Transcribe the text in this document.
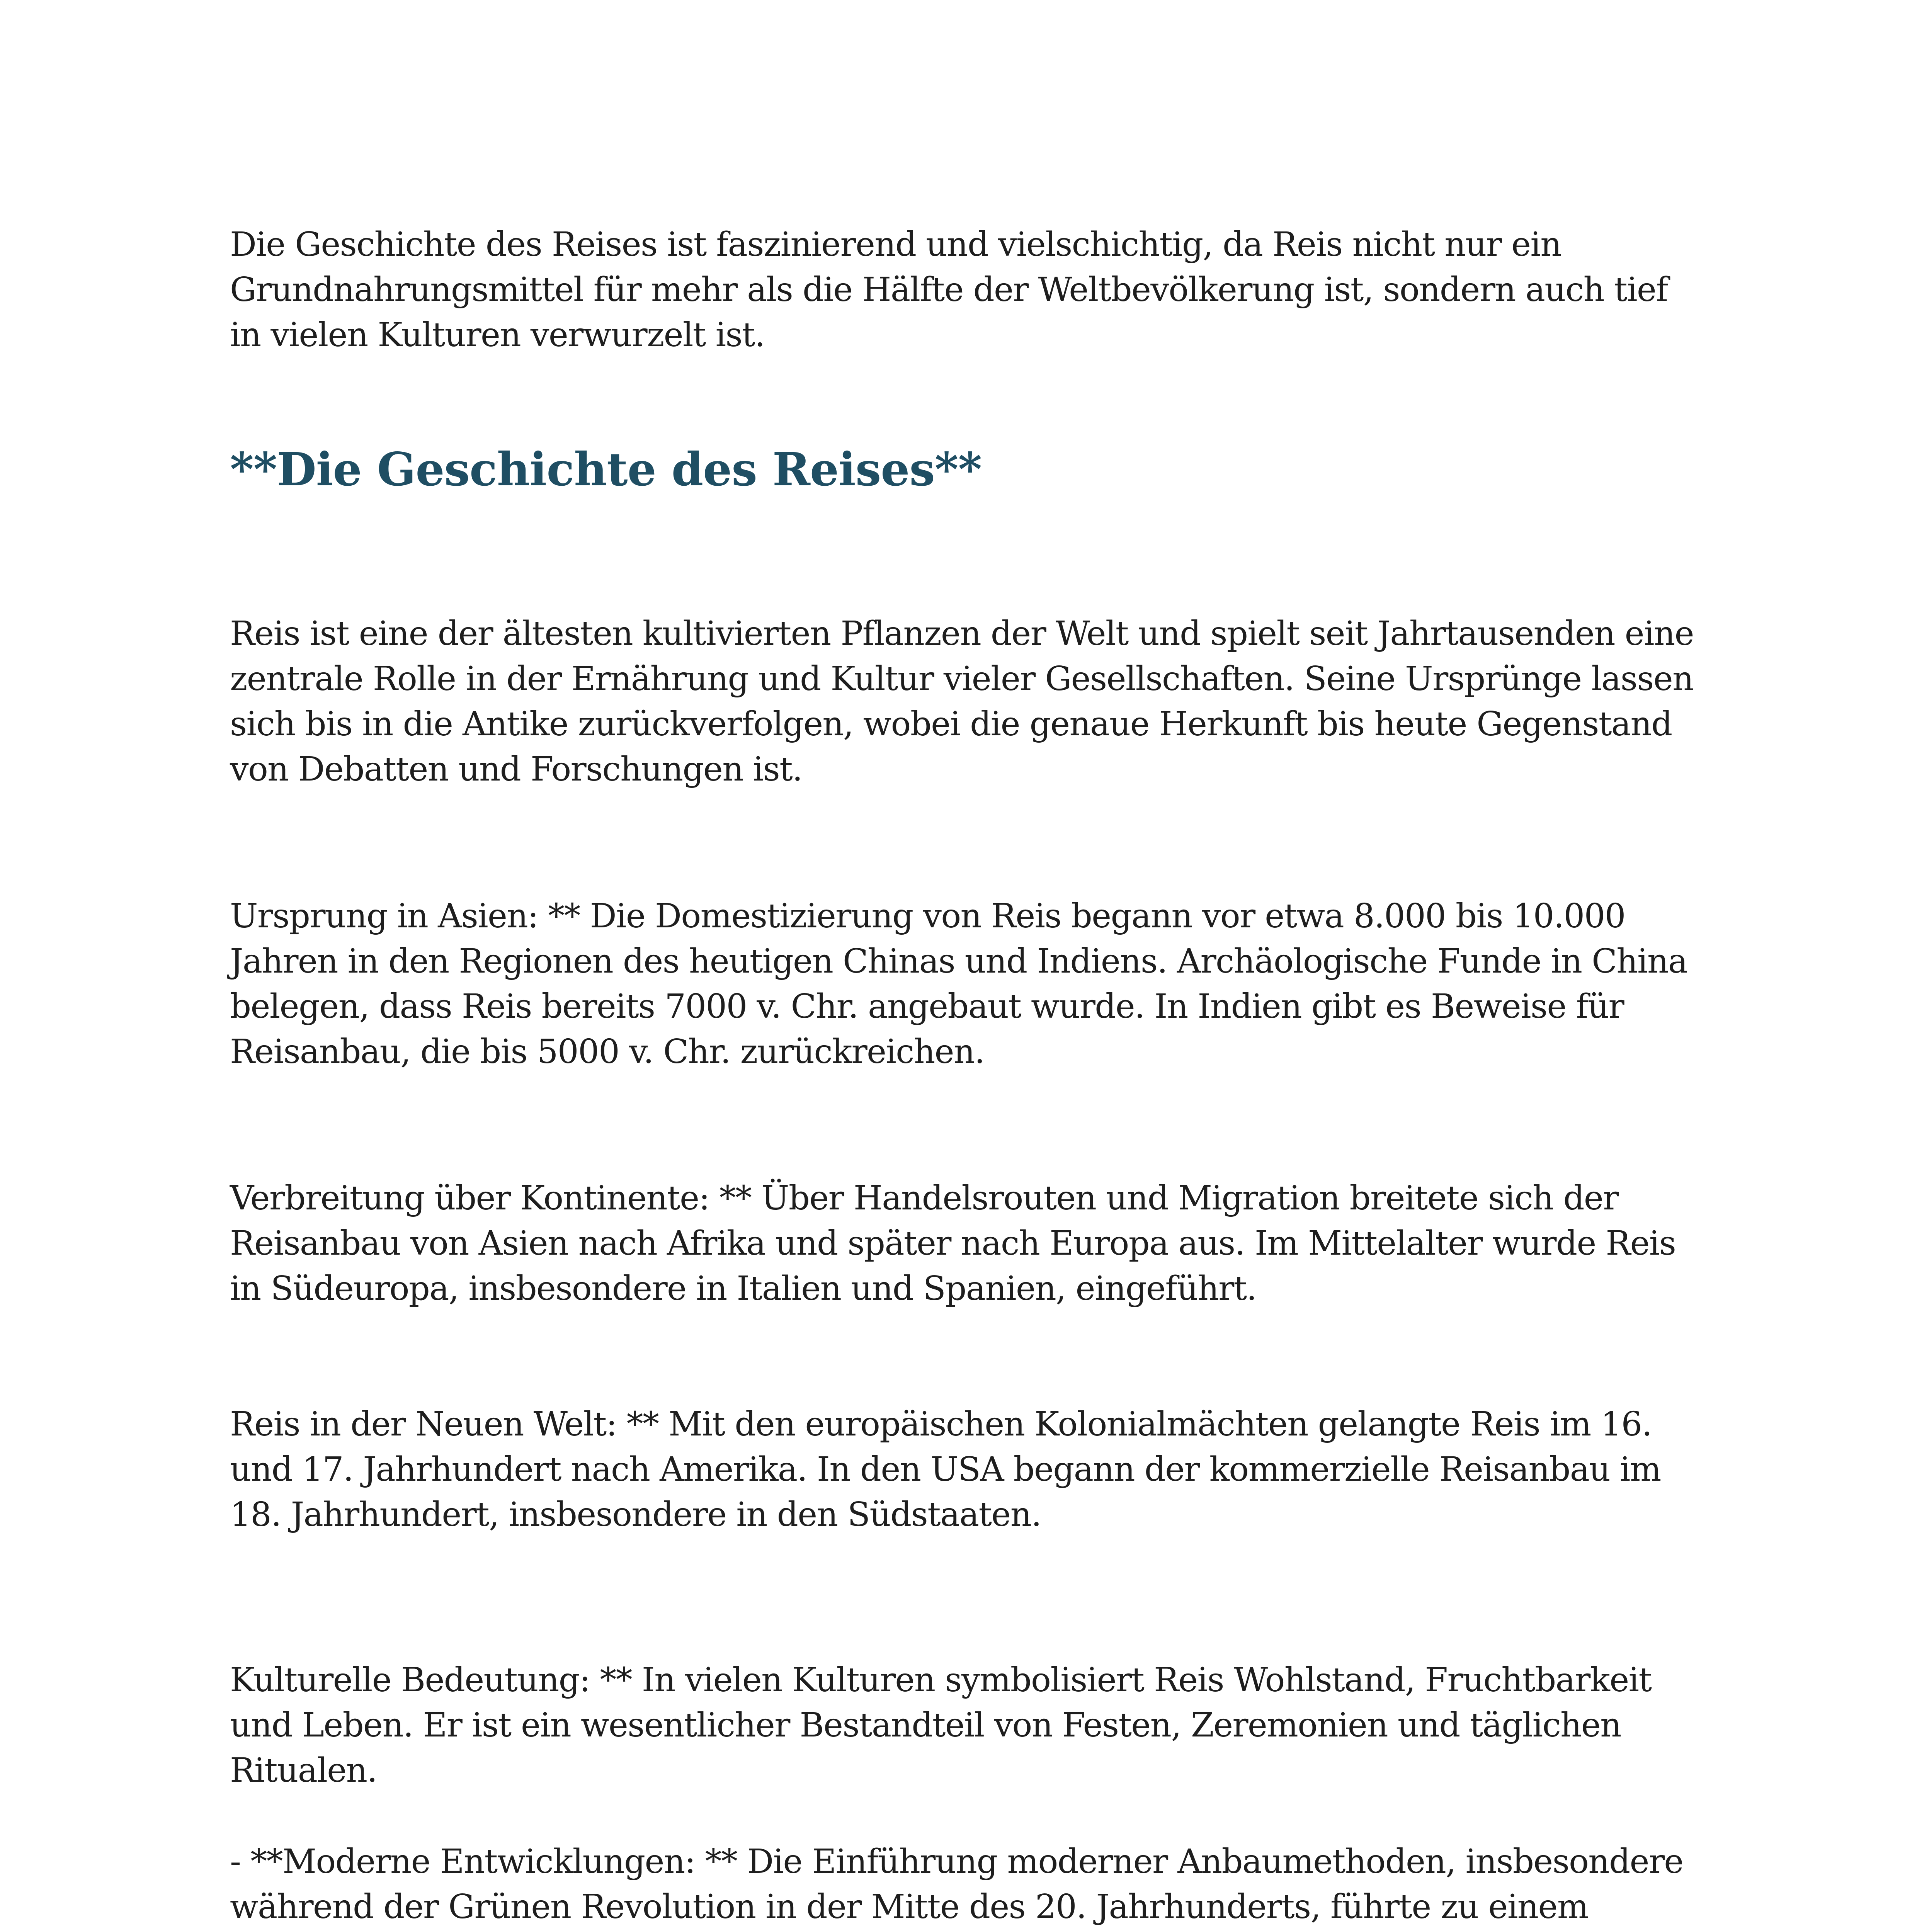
Die Geschichte des Reises ist faszinierend und vielschichtig, da Reis nicht nur ein Grundnahrungsmittel für mehr als die Hälfte der Weltbevölkerung ist, sondern auch tief in vielen Kulturen verwurzelt ist.

**Die Geschichte des Reises**

Reis ist eine der ältesten kultivierten Pflanzen der Welt und spielt seit Jahrtausenden eine zentrale Rolle in der Ernährung und Kultur vieler Gesellschaften. Seine Ursprünge lassen sich bis in die Antike zurückverfolgen, wobei die genaue Herkunft bis heute Gegenstand von Debatten und Forschungen ist.

Ursprung in Asien: ** Die Domestizierung von Reis begann vor etwa 8.000 bis 10.000 Jahren in den Regionen des heutigen Chinas und Indiens. Archäologische Funde in China belegen, dass Reis bereits 7000 v. Chr. angebaut wurde. In Indien gibt es Beweise für Reisanbau, die bis 5000 v. Chr. zurückreichen.

Verbreitung über Kontinente: ** Über Handelsrouten und Migration breitete sich der Reisanbau von Asien nach Afrika und später nach Europa aus. Im Mittelalter wurde Reis in Südeuropa, insbesondere in Italien und Spanien, eingeführt.

Reis in der Neuen Welt: ** Mit den europäischen Kolonialmächten gelangte Reis im 16. und 17. Jahrhundert nach Amerika. In den USA begann der kommerzielle Reisanbau im 18. Jahrhundert, insbesondere in den Südstaaten.

Kulturelle Bedeutung: ** In vielen Kulturen symbolisiert Reis Wohlstand, Fruchtbarkeit und Leben. Er ist ein wesentlicher Bestandteil von Festen, Zeremonien und täglichen Ritualen.

- **Moderne Entwicklungen: ** Die Einführung moderner Anbaumethoden, insbesondere während der Grünen Revolution in der Mitte des 20. Jahrhunderts, führte zu einem
